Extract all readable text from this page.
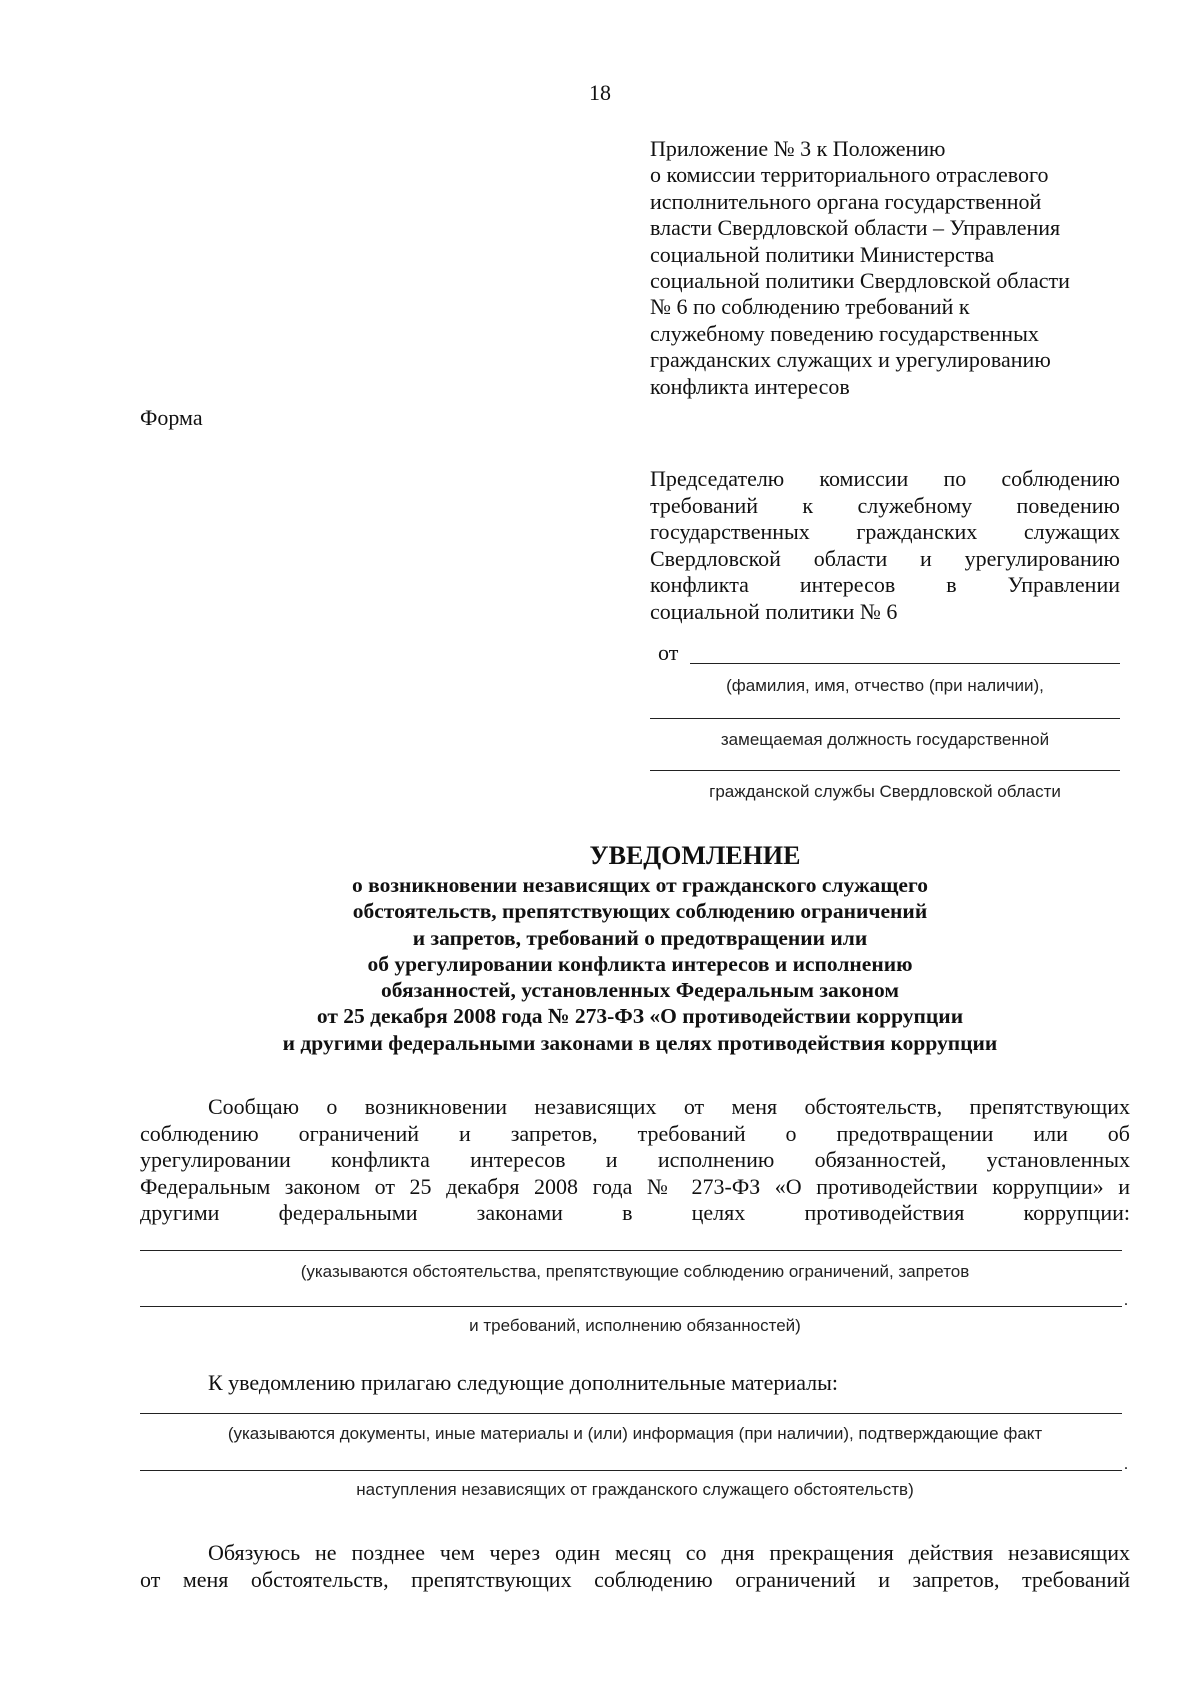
18
Приложение № 3 к Положению
о комиссии территориального отраслевого
исполнительного органа государственной
власти Свердловской области – Управления
социальной политики Министерства
социальной политики Свердловской области
№ 6 по соблюдению требований к
служебному поведению государственных
гражданских служащих и урегулированию
конфликта интересов
Форма
Председателю комиссии по соблюдению
требований к служебному поведению
государственных гражданских служащих
Свердловской области и урегулированию
конфликта интересов в Управлении
социальной политики № 6
от
(фамилия, имя, отчество (при наличии),
замещаемая должность государственной
гражданской службы Свердловской области
УВЕДОМЛЕНИЕ
о возникновении независящих от гражданского служащего
обстоятельств, препятствующих соблюдению ограничений
и запретов, требований о предотвращении или
об урегулировании конфликта интересов и исполнению
обязанностей, установленных Федеральным законом
от 25 декабря 2008 года № 273-ФЗ «О противодействии коррупции
и другими федеральными законами в целях противодействия коррупции
Сообщаю о возникновении независящих от меня обстоятельств, препятствующих
соблюдению ограничений и запретов, требований о предотвращении или об
урегулировании конфликта интересов и исполнению обязанностей, установленных
Федеральным законом от 25 декабря 2008 года № 273-ФЗ «О противодействии коррупции» и
другими федеральными законами в целях противодействия коррупции:
(указываются обстоятельства, препятствующие соблюдению ограничений, запретов
.
и требований, исполнению обязанностей)
К уведомлению прилагаю следующие дополнительные материалы:
(указываются документы, иные материалы и (или) информация (при наличии), подтверждающие факт
.
наступления независящих от гражданского служащего обстоятельств)
Обязуюсь не позднее чем через один месяц со дня прекращения действия независящих
от меня обстоятельств, препятствующих соблюдению ограничений и запретов, требований
